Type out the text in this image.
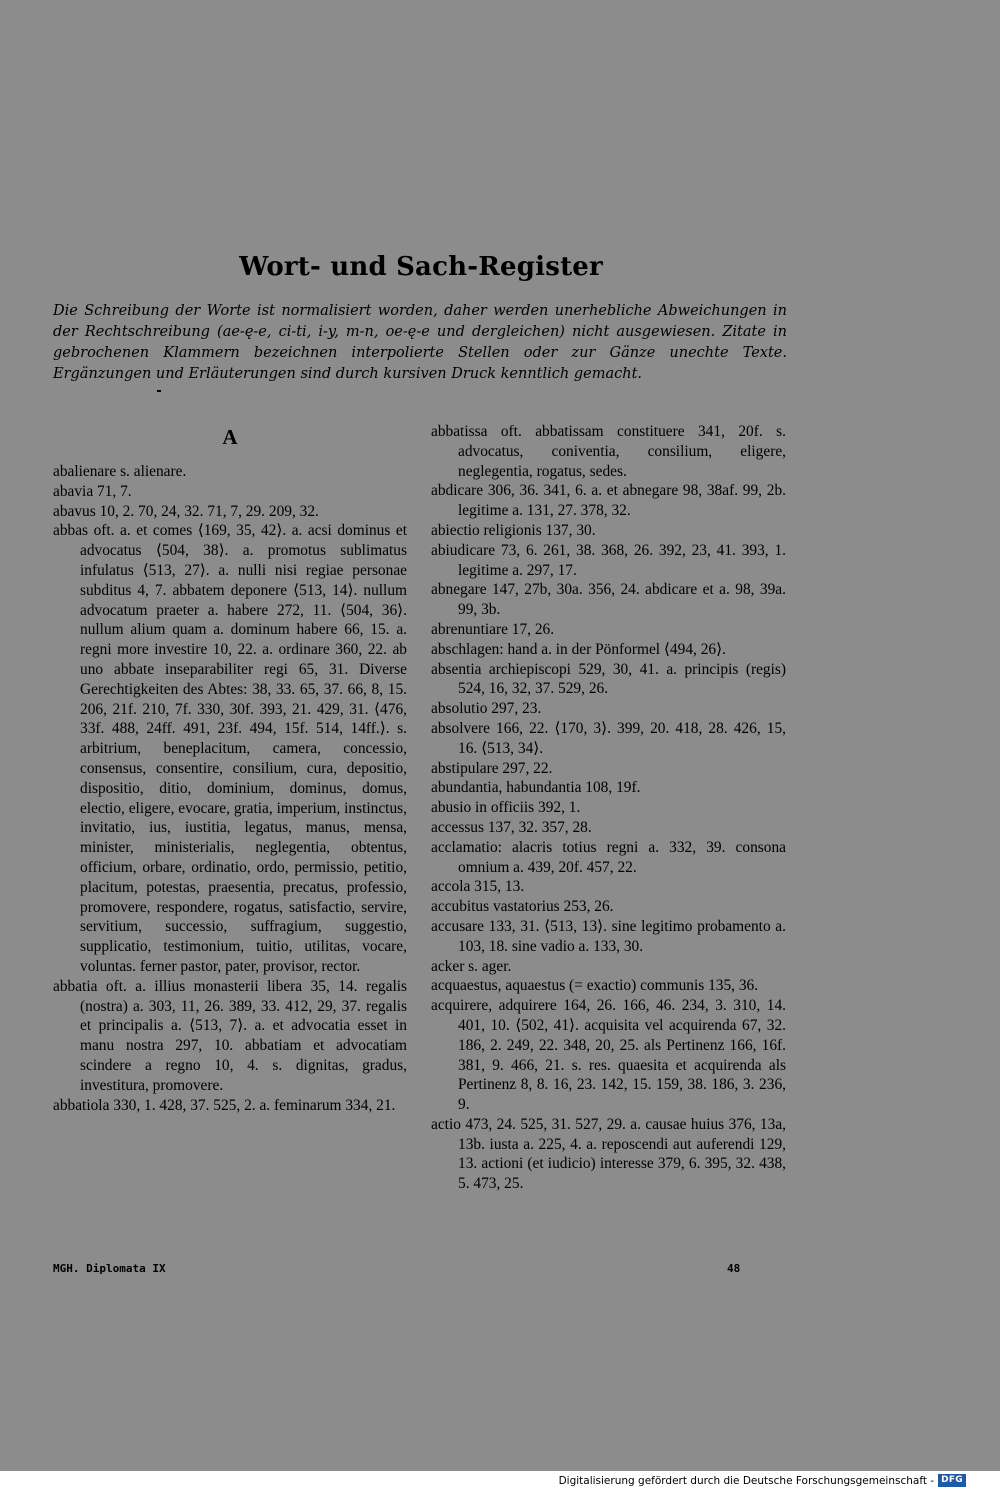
Wort- und Sach-Register
Die Schreibung der Worte ist normalisiert worden, daher werden unerhebliche Abweichungen in der Rechtschreibung (ae-ę-e, ci-ti, i-y, m-n, oe-ę-e und dergleichen) nicht ausgewiesen. Zitate in gebrochenen Klammern bezeichnen interpolierte Stellen oder zur Gänze unechte Texte. Ergänzungen und Erläuterungen sind durch kursiven Druck kenntlich gemacht.
A

abalienare s. alienare.

abavia 71, 7.

abavus 10, 2. 70, 24, 32. 71, 7, 29. 209, 32.

abbas oft. a. et comes ⟨169, 35, 42⟩. a. acsi dominus et advocatus ⟨504, 38⟩. a. promotus sublimatus infulatus ⟨513, 27⟩. a. nulli nisi regiae personae subditus 4, 7. abbatem deponere ⟨513, 14⟩. nullum advocatum praeter a. habere 272, 11. ⟨504, 36⟩. nullum alium quam a. dominum habere 66, 15. a. regni more investire 10, 22. a. ordinare 360, 22. ab uno abbate inseparabiliter regi 65, 31. Diverse Gerechtigkeiten des Abtes: 38, 33. 65, 37. 66, 8, 15. 206, 21f. 210, 7f. 330, 30f. 393, 21. 429, 31. ⟨476, 33f. 488, 24ff. 491, 23f. 494, 15f. 514, 14ff.⟩. s. arbitrium, beneplacitum, camera, concessio, consensus, consentire, consilium, cura, depositio, dispositio, ditio, dominium, dominus, domus, electio, eligere, evocare, gratia, imperium, instinctus, invitatio, ius, iustitia, legatus, manus, mensa, minister, ministerialis, neglegentia, obtentus, officium, orbare, ordinatio, ordo, permissio, petitio, placitum, potestas, praesentia, precatus, professio, promovere, respondere, rogatus, satisfactio, servire, servitium, successio, suffragium, suggestio, supplicatio, testimonium, tuitio, utilitas, vocare, voluntas. ferner pastor, pater, provisor, rector.

abbatia oft. a. illius monasterii libera 35, 14. regalis (nostra) a. 303, 11, 26. 389, 33. 412, 29, 37. regalis et principalis a. ⟨513, 7⟩. a. et advocatia esset in manu nostra 297, 10. abbatiam et advocatiam scindere a regno 10, 4. s. dignitas, gradus, investitura, promovere.

abbatiola 330, 1. 428, 37. 525, 2. a. feminarum 334, 21.

abbatissa oft. abbatissam constituere 341, 20f. s. advocatus, coniventia, consilium, eligere, neglegentia, rogatus, sedes.

abdicare 306, 36. 341, 6. a. et abnegare 98, 38af. 99, 2b. legitime a. 131, 27. 378, 32.

abiectio religionis 137, 30.

abiudicare 73, 6. 261, 38. 368, 26. 392, 23, 41. 393, 1. legitime a. 297, 17.

abnegare 147, 27b, 30a. 356, 24. abdicare et a. 98, 39a. 99, 3b.

abrenuntiare 17, 26.

abschlagen: hand a. in der Pönformel ⟨494, 26⟩.

absentia archiepiscopi 529, 30, 41. a. principis (regis) 524, 16, 32, 37. 529, 26.

absolutio 297, 23.

absolvere 166, 22. ⟨170, 3⟩. 399, 20. 418, 28. 426, 15, 16. ⟨513, 34⟩.

abstipulare 297, 22.

abundantia, habundantia 108, 19f.

abusio in officiis 392, 1.

accessus 137, 32. 357, 28.

acclamatio: alacris totius regni a. 332, 39. consona omnium a. 439, 20f. 457, 22.

accola 315, 13.

accubitus vastatorius 253, 26.

accusare 133, 31. ⟨513, 13⟩. sine legitimo probamento a. 103, 18. sine vadio a. 133, 30.

acker s. ager.

acquaestus, aquaestus (= exactio) communis 135, 36.

acquirere, adquirere 164, 26. 166, 46. 234, 3. 310, 14. 401, 10. ⟨502, 41⟩. acquisita vel acquirenda 67, 32. 186, 2. 249, 22. 348, 20, 25. als Pertinenz 166, 16f. 381, 9. 466, 21. s. res. quaesita et acquirenda als Pertinenz 8, 8. 16, 23. 142, 15. 159, 38. 186, 3. 236, 9.

actio 473, 24. 525, 31. 527, 29. a. causae huius 376, 13a, 13b. iusta a. 225, 4. a. reposcendi aut auferendi 129, 13. actioni (et iudicio) interesse 379, 6. 395, 32. 438, 5. 473, 25.

MGH. Diplomata IX	48
Digitalisierung gefördert durch die Deutsche Forschungsgemeinschaft - DFG
